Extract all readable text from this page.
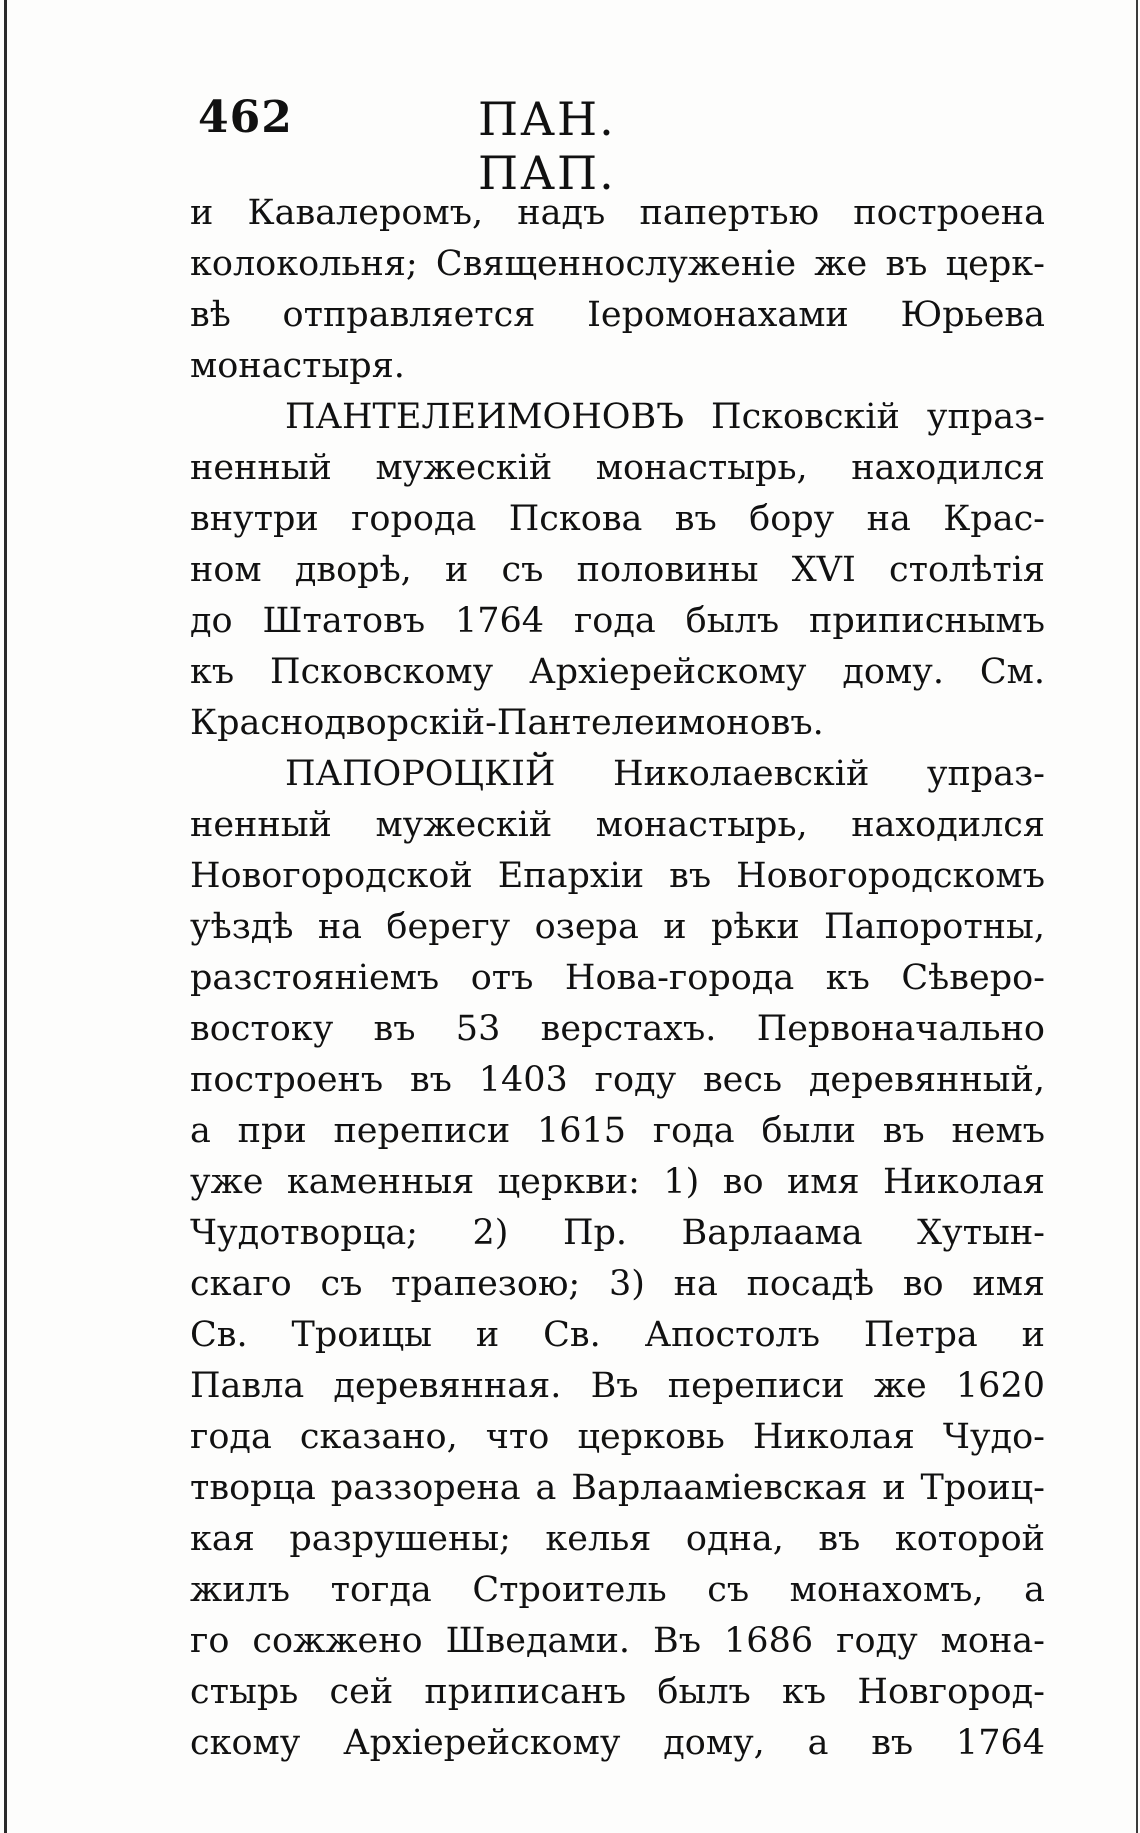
462	ПАН. ПАП.
и Кавалеромъ, надъ папертью построена
колокольня; Священнослуженіе же въ церк-
вѣ отправляется Іеромонахами Юрьева
монастыря.
ПАНТЕЛЕИМОНОВЪ Псковскій упраз-
ненный мужескій монастырь, находился
внутри города Пскова въ бору на Крас-
ном дворѣ, и съ половины XVI столѣтія
до Штатовъ 1764 года былъ приписнымъ
къ Псковскому Архіерейскому дому. См.
Краснодворскій-Пантелеимоновъ.
ПАПОРОЦКІЙ Николаевскій упраз-
ненный мужескій монастырь, находился
Новогородской Епархіи въ Новогородскомъ
уѣздѣ на берегу озера и рѣки Папоротны,
разстояніемъ отъ Нова-города къ Сѣверо-
востоку въ 53 верстахъ. Первоначально
построенъ въ 1403 году весь деревянный,
а при переписи 1615 года были въ немъ
уже каменныя церкви: 1) во имя Николая
Чудотворца; 2) Пр. Варлаама Хутын-
скаго съ трапезою; 3) на посадѣ во имя
Св. Троицы и Св. Апостолъ Петра и
Павла деревянная. Въ переписи же 1620
года сказано, что церковь Николая Чудо-
творца раззорена а Варлааміевская и Троиц-
кая разрушены; келья одна, въ которой
жилъ тогда Строитель съ монахомъ, а
го сожжено Шведами. Въ 1686 году мона-
стырь сей приписанъ былъ къ Новгород-
скому Архіерейскому дому, а въ 1764
